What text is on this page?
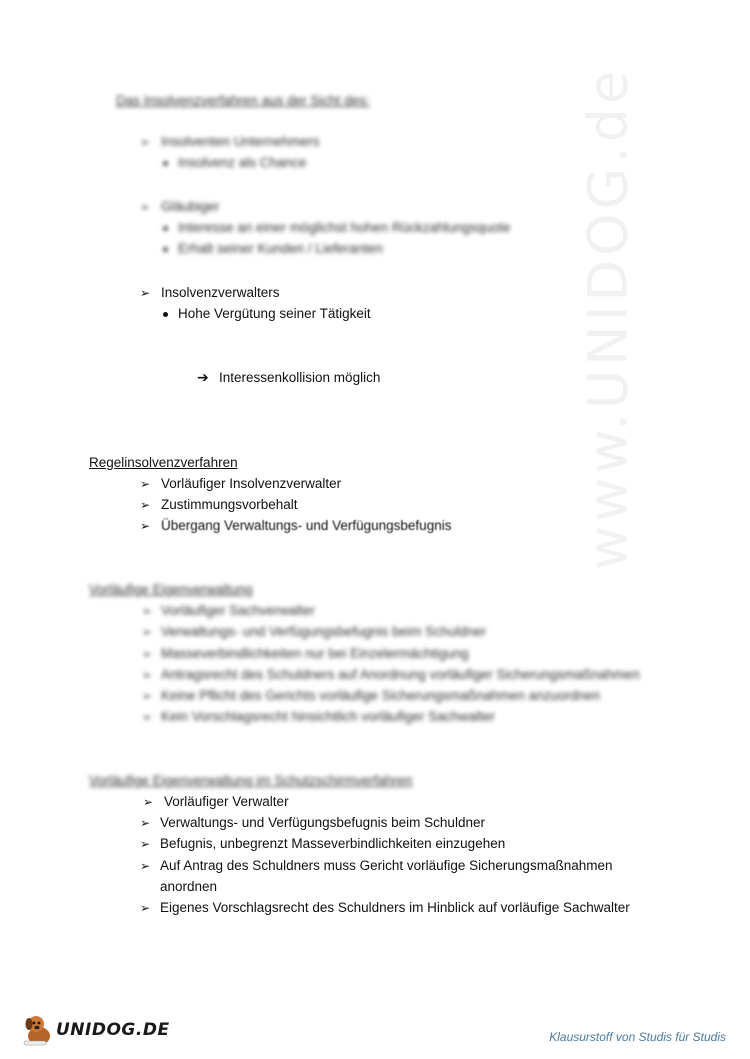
www.UNIDOG.de
Das Insolvenzverfahren aus der Sicht des:
➢ Insolventen Unternehmers
Insolvenz als Chance
➢ Gläubiger
Interesse an einer möglichst hohen Rückzahlungsquote
Erhalt seiner Kunden / Lieferanten
➢ Insolvenzverwalters
Hohe Vergütung seiner Tätigkeit
➔ Interessenkollision möglich
Regelinsolvenzverfahren
➢ Vorläufiger Insolvenzverwalter
➢ Zustimmungsvorbehalt
➢ Übergang Verwaltungs- und Verfügungsbefugnis
Vorläufige Eigenverwaltung
➢ Vorläufiger Sachverwalter
➢ Verwaltungs- und Verfügungsbefugnis beim Schuldner
➢ Masseverbindlichkeiten nur bei Einzelermächtigung
➢ Antragsrecht des Schuldners auf Anordnung vorläufiger Sicherungsmaßnahmen
➢ Keine Pflicht des Gerichts vorläufige Sicherungsmaßnahmen anzuordnen
➢ Kein Vorschlagsrecht hinsichtlich vorläufiger Sachwalter
Vorläufige Eigenverwaltung im Schutzschirmverfahren
➢ Vorläufiger Verwalter
➢ Verwaltungs- und Verfügungsbefugnis beim Schuldner
➢ Befugnis, unbegrenzt Masseverbindlichkeiten einzugehen
➢ Auf Antrag des Schuldners muss Gericht vorläufige Sicherungsmaßnahmen
anordnen
➢ Eigenes Vorschlagsrecht des Schuldners im Hinblick auf vorläufige Sachwalter
UNIDOG.DE	Klausurstoff von Studis für Studis
